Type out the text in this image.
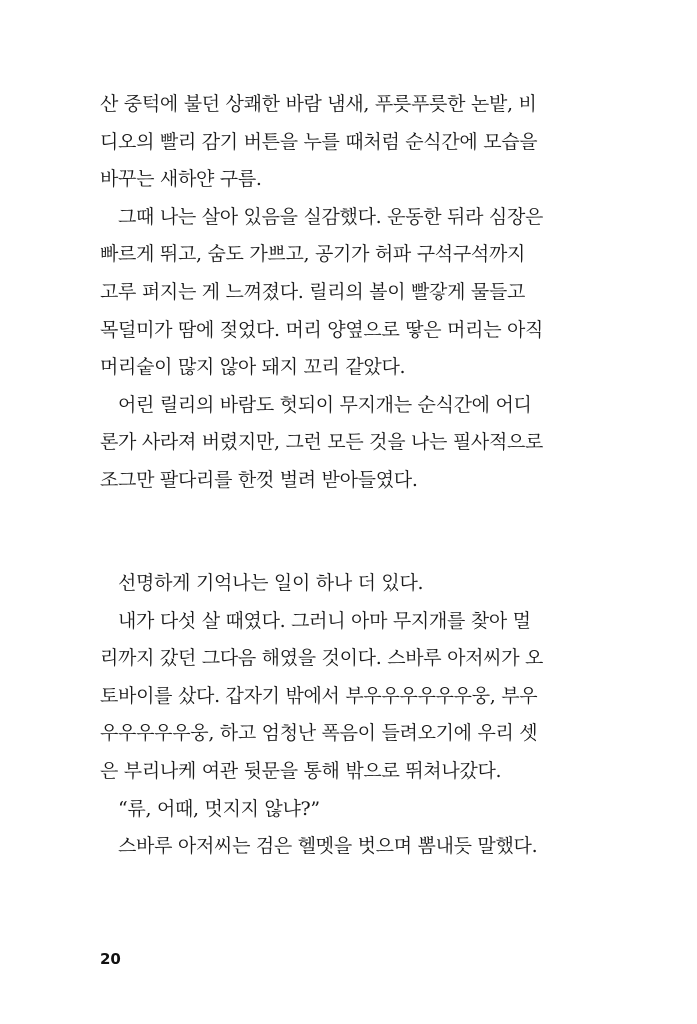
산 중턱에 불던 상쾌한 바람 냄새, 푸릇푸릇한 논밭, 비
디오의 빨리 감기 버튼을 누를 때처럼 순식간에 모습을
바꾸는 새하얀 구름.
그때 나는 살아 있음을 실감했다. 운동한 뒤라 심장은
빠르게 뛰고, 숨도 가쁘고, 공기가 허파 구석구석까지
고루 퍼지는 게 느껴졌다. 릴리의 볼이 빨갛게 물들고
목덜미가 땀에 젖었다. 머리 양옆으로 땋은 머리는 아직
머리숱이 많지 않아 돼지 꼬리 같았다.
어린 릴리의 바람도 헛되이 무지개는 순식간에 어디
론가 사라져 버렸지만, 그런 모든 것을 나는 필사적으로
조그만 팔다리를 한껏 벌려 받아들였다.
선명하게 기억나는 일이 하나 더 있다.
내가 다섯 살 때였다. 그러니 아마 무지개를 찾아 멀
리까지 갔던 그다음 해였을 것이다. 스바루 아저씨가 오
토바이를 샀다. 갑자기 밖에서 부우우우우우우웅, 부우
우우우우우웅, 하고 엄청난 폭음이 들려오기에 우리 셋
은 부리나케 여관 뒷문을 통해 밖으로 뛰쳐나갔다.
“류, 어때, 멋지지 않냐?”
스바루 아저씨는 검은 헬멧을 벗으며 뽐내듯 말했다.
20
